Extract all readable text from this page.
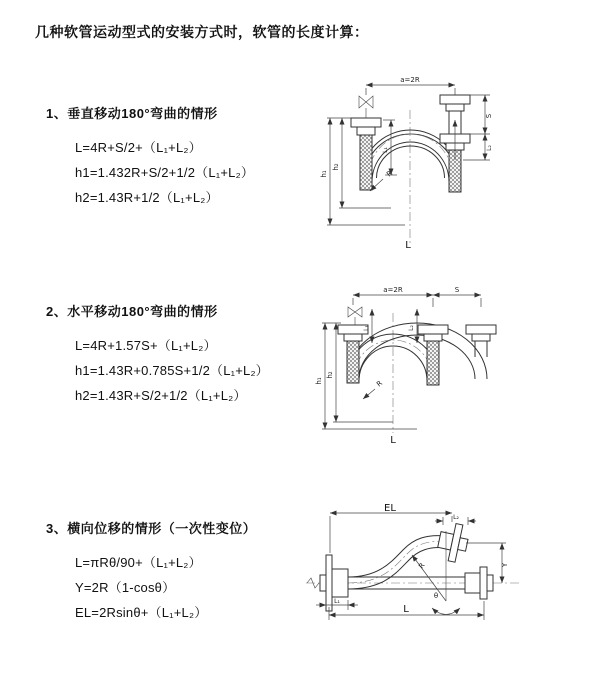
几种软管运动型式的安装方式时，软管的长度计算：
1、垂直移动180°弯曲的情形
L=4R+S/2+（L₁+L₂）
h1=1.432R+S/2+1/2（L₁+L₂）
h2=1.43R+1/2（L₁+L₂）
a=2R
h₁
h₂
L₁
S
L₂
R
L
2、水平移动180°弯曲的情形
L=4R+1.57S+（L₁+L₂）
h1=1.43R+0.785S+1/2（L₁+L₂）
h2=1.43R+S/2+1/2（L₁+L₂）
a=2R	S
L₁	L₂
h₁
h₂
R
L
3、横向位移的情形（一次性变位）
L=πRθ/90+（L₁+L₂）
Y=2R（1-cosθ）
EL=2Rsinθ+（L₁+L₂）
EL
L₂
Y
R
θ
L
L₁
